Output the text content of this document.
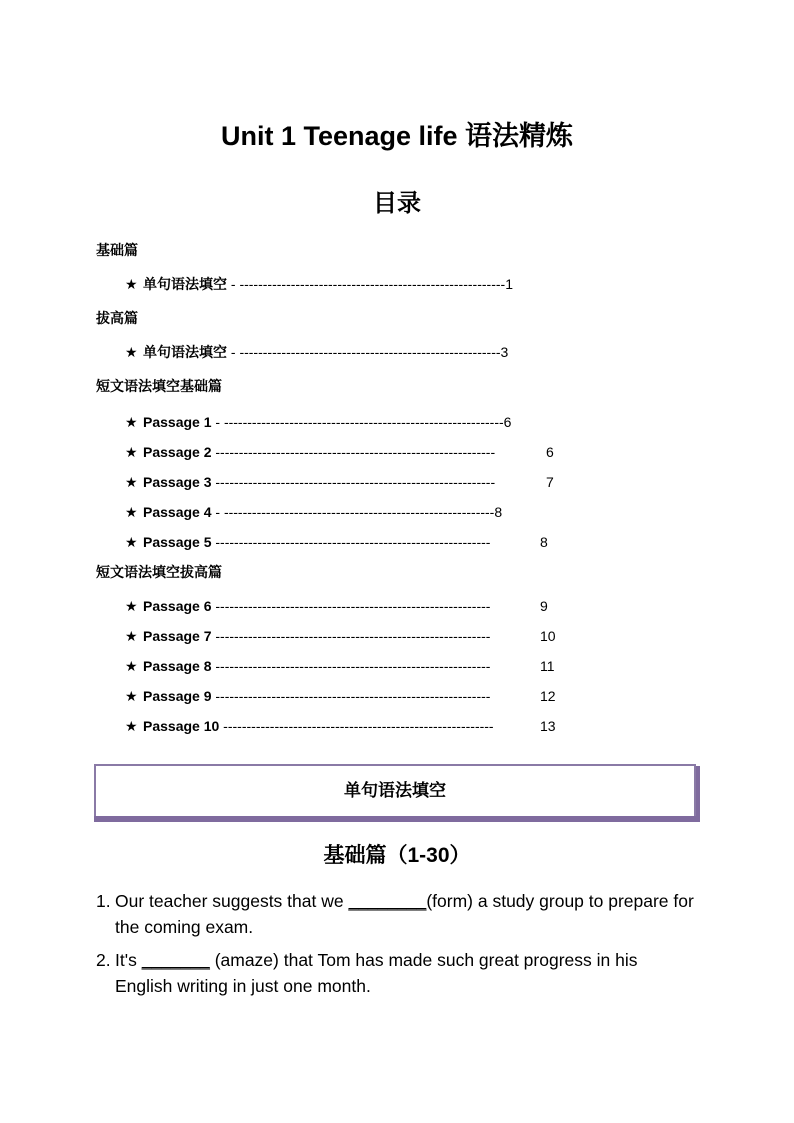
Unit 1 Teenage life 语法精炼
目录
基础篇
★ 单句语法填空 - ---------------------------------------------------------1
拔高篇
★ 单句语法填空 - --------------------------------------------------------3
短文语法填空基础篇
★ Passage 1 - ------------------------------------------------------------6
★ Passage 2 ------------------------------------------------------------	6
★ Passage 3 ------------------------------------------------------------	7
★ Passage 4 - ----------------------------------------------------------8
★ Passage 5 -----------------------------------------------------------	8
短文语法填空拔高篇
★ Passage 6 -----------------------------------------------------------	9
★ Passage 7 -----------------------------------------------------------	10
★ Passage 8 -----------------------------------------------------------	11
★ Passage 9 -----------------------------------------------------------	12
★ Passage 10 ----------------------------------------------------------	13
单句语法填空
基础篇（1-30）
1. Our teacher suggests that we ________(form) a study group to prepare for the coming exam.
2. It's _______ (amaze) that Tom has made such great progress in his English writing in just one month.
